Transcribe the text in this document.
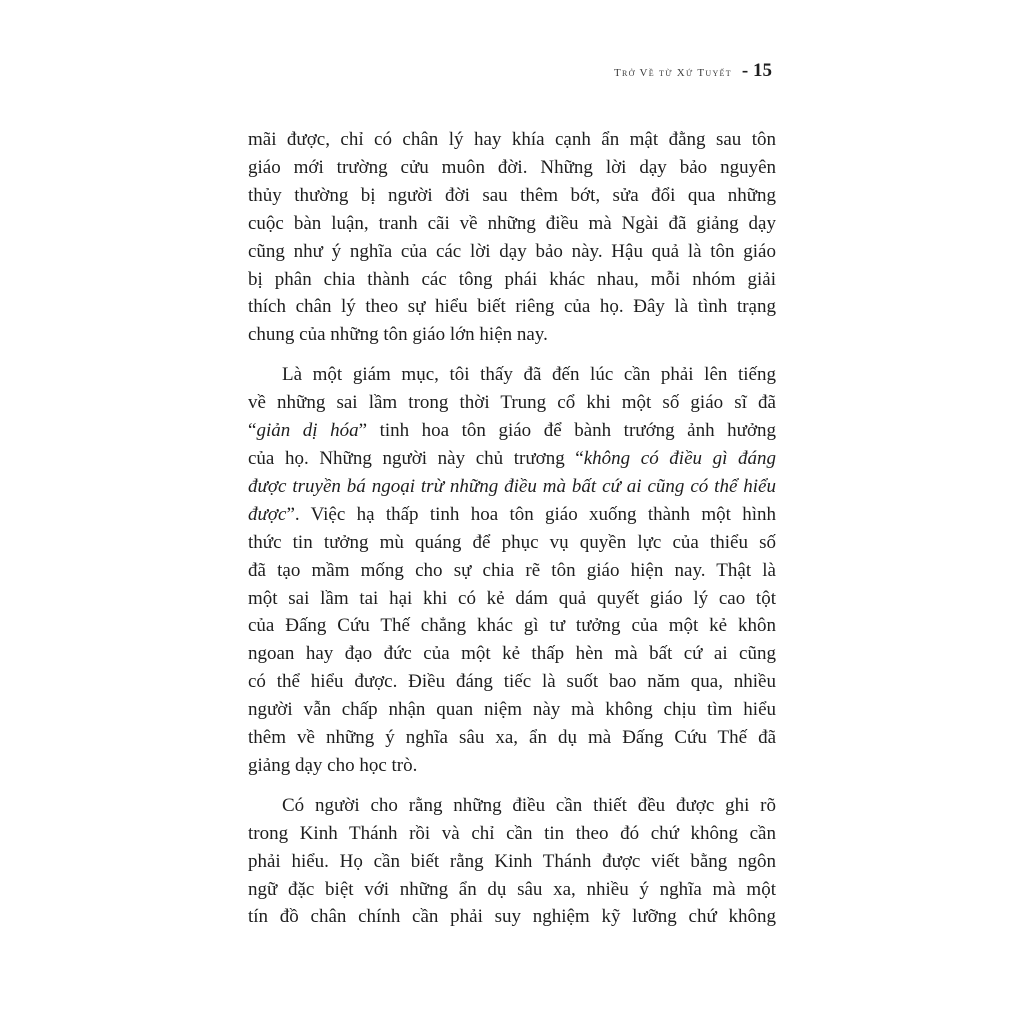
Trở Về từ Xứ Tuyết - 15
mãi được, chỉ có chân lý hay khía cạnh ẩn mật đằng sau tôn
giáo mới trường cửu muôn đời. Những lời dạy bảo nguyên
thủy thường bị người đời sau thêm bớt, sửa đổi qua những
cuộc bàn luận, tranh cãi về những điều mà Ngài đã giảng dạy
cũng như ý nghĩa của các lời dạy bảo này. Hậu quả là tôn giáo
bị phân chia thành các tông phái khác nhau, mỗi nhóm giải
thích chân lý theo sự hiểu biết riêng của họ. Đây là tình trạng
chung của những tôn giáo lớn hiện nay.
Là một giám mục, tôi thấy đã đến lúc cần phải lên tiếng
về những sai lầm trong thời Trung cổ khi một số giáo sĩ đã
“giản dị hóa” tinh hoa tôn giáo để bành trướng ảnh hưởng
của họ. Những người này chủ trương “không có điều gì đáng
được truyền bá ngoại trừ những điều mà bất cứ ai cũng có thể hiểu
được”. Việc hạ thấp tinh hoa tôn giáo xuống thành một hình
thức tin tưởng mù quáng để phục vụ quyền lực của thiểu số
đã tạo mầm mống cho sự chia rẽ tôn giáo hiện nay. Thật là
một sai lầm tai hại khi có kẻ dám quả quyết giáo lý cao tột
của Đấng Cứu Thế chẳng khác gì tư tưởng của một kẻ khôn
ngoan hay đạo đức của một kẻ thấp hèn mà bất cứ ai cũng
có thể hiểu được. Điều đáng tiếc là suốt bao năm qua, nhiều
người vẫn chấp nhận quan niệm này mà không chịu tìm hiểu
thêm về những ý nghĩa sâu xa, ẩn dụ mà Đấng Cứu Thế đã
giảng dạy cho học trò.
Có người cho rằng những điều cần thiết đều được ghi rõ
trong Kinh Thánh rồi và chỉ cần tin theo đó chứ không cần
phải hiểu. Họ cần biết rằng Kinh Thánh được viết bằng ngôn
ngữ đặc biệt với những ẩn dụ sâu xa, nhiều ý nghĩa mà một
tín đồ chân chính cần phải suy nghiệm kỹ lưỡng chứ không
